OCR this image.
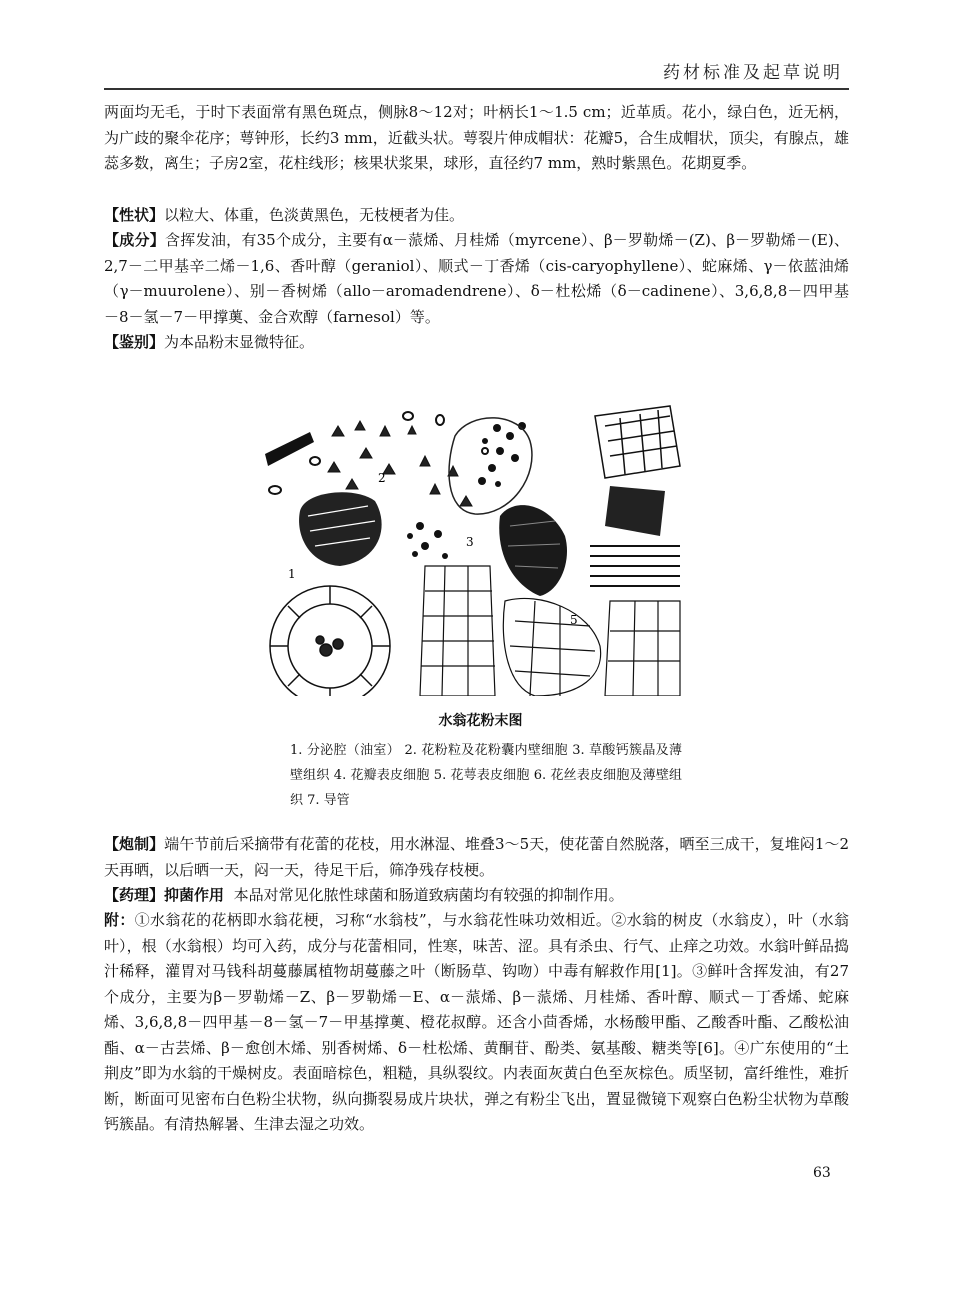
药材标准及起草说明

两面均无毛，于时下表面常有黑色斑点，侧脉8～12对；叶柄长1～1.5 cm；近革质。花小，绿白色，近无柄，为广歧的聚伞花序；萼钟形，长约3 mm，近截头状。萼裂片伸成帽状：花瓣5，合生成帽状，顶尖，有腺点，雄蕊多数，离生；子房2室，花柱线形；核果状浆果，球形，直径约7 mm，熟时紫黑色。花期夏季。

【性状】以粒大、体重，色淡黄黑色，无枝梗者为佳。

【成分】含挥发油，有35个成分，主要有α－蒎烯、月桂烯（myrcene）、β－罗勒烯－(Z)、β－罗勒烯－(E)、2,7－二甲基辛二烯－1,6、香叶醇（geraniol）、顺式－丁香烯（cis-caryophyllene）、蛇麻烯、γ－依蓝油烯（γ－muurolene）、别－香树烯（allo－aromadendrene）、δ－杜松烯（δ－cadinene）、3,6,8,8－四甲基－8－氢－7－甲撑薁、金合欢醇（farnesol）等。

【鉴别】为本品粉末显微特征。

1
2
3
5
水翁花粉末图
1. 分泌腔（油室） 2. 花粉粒及花粉囊内壁细胞 3. 草酸钙簇晶及薄壁组织 4. 花瓣表皮细胞 5. 花萼表皮细胞 6. 花丝表皮细胞及薄壁组织 7. 导管

【炮制】端午节前后采摘带有花蕾的花枝，用水淋湿、堆叠3～5天，使花蕾自然脱落，晒至三成干，复堆闷1～2天再晒，以后晒一天，闷一天，待足干后，筛净残存枝梗。

【药理】抑菌作用 本品对常见化脓性球菌和肠道致病菌均有较强的抑制作用。

附：①水翁花的花柄即水翁花梗，习称“水翁枝”，与水翁花性味功效相近。②水翁的树皮（水翁皮），叶（水翁叶），根（水翁根）均可入药，成分与花蕾相同，性寒，味苦、涩。具有杀虫、行气、止痒之功效。水翁叶鲜品捣汁稀释，灌胃对马钱科胡蔓藤属植物胡蔓藤之叶（断肠草、钩吻）中毒有解救作用[1]。③鲜叶含挥发油，有27个成分，主要为β－罗勒烯－Z、β－罗勒烯－E、α－蒎烯、β－蒎烯、月桂烯、香叶醇、顺式－丁香烯、蛇麻烯、3,6,8,8－四甲基－8－氢－7－甲基撑薁、橙花叔醇。还含小茴香烯，水杨酸甲酯、乙酸香叶酯、乙酸松油酯、α－古芸烯、β－愈创木烯、别香树烯、δ－杜松烯、黄酮苷、酚类、氨基酸、糖类等[6]。④广东使用的“土荆皮”即为水翁的干燥树皮。表面暗棕色，粗糙，具纵裂纹。内表面灰黄白色至灰棕色。质坚韧，富纤维性，难折断，断面可见密布白色粉尘状物，纵向撕裂易成片块状，弹之有粉尘飞出，置显微镜下观察白色粉尘状物为草酸钙簇晶。有清热解暑、生津去湿之功效。

63
